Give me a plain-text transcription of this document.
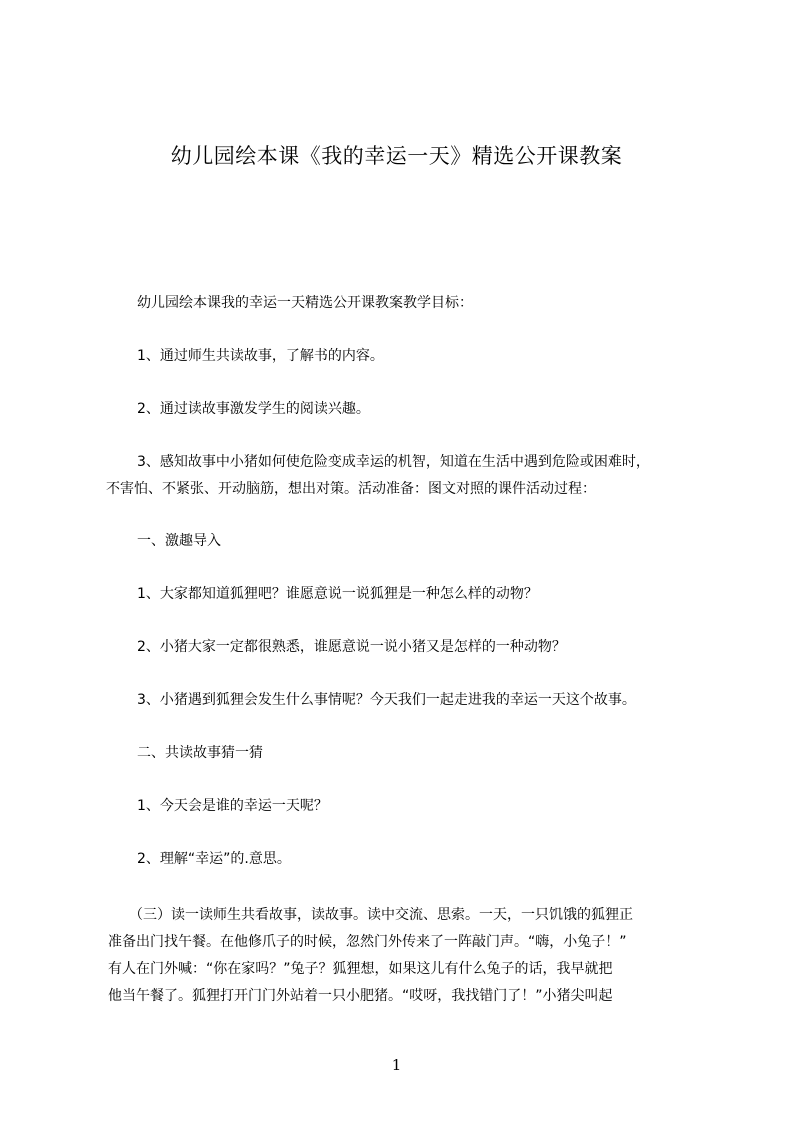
幼儿园绘本课《我的幸运一天》精选公开课教案
幼儿园绘本课我的幸运一天精选公开课教案教学目标：
1、通过师生共读故事，了解书的内容。
2、通过读故事激发学生的阅读兴趣。
3、感知故事中小猪如何使危险变成幸运的机智，知道在生活中遇到危险或困难时，
不害怕、不紧张、开动脑筋，想出对策。活动准备：图文对照的课件活动过程：
一、激趣导入
1、大家都知道狐狸吧？谁愿意说一说狐狸是一种怎么样的动物？
2、小猪大家一定都很熟悉，谁愿意说一说小猪又是怎样的一种动物？
3、小猪遇到狐狸会发生什么事情呢？今天我们一起走进我的幸运一天这个故事。
二、共读故事猜一猜
1、今天会是谁的幸运一天呢？
2、理解“幸运”的.意思。
（三）读一读师生共看故事，读故事。读中交流、思索。一天，一只饥饿的狐狸正
准备出门找午餐。在他修爪子的时候，忽然门外传来了一阵敲门声。“嗨，小兔子！”
有人在门外喊：“你在家吗？”兔子？狐狸想，如果这儿有什么兔子的话，我早就把
他当午餐了。狐狸打开门门外站着一只小肥猪。“哎呀，我找错门了！”小猪尖叫起
1
